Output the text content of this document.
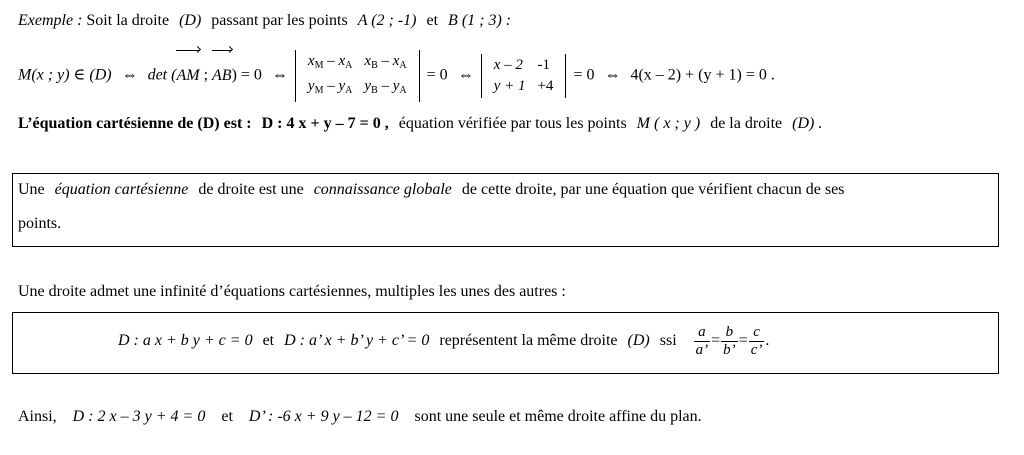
Exemple : Soit la droite (D) passant par les points A (2 ; -1) et B (1 ; 3) :
M(x ; y) ∈ (D) ⇔ det (AM ; AB) = 0 ⇔
$x_M - x_A$	$x_B - x_A$
$y_M - y_A$	$y_B - y_A$
= 0 ⇔
x – 2	-1
y + 1	+4
= 0 ⇔ 4(x – 2) + (y + 1) = 0 .
L’équation cartésienne de (D) est : D : 4 x + y – 7 = 0 , équation vérifiée par tous les points M ( x ; y ) de la droite (D) .
Une équation cartésienne de droite est une connaissance globale de cette droite, par une équation que vérifient chacun de ses
points.
Une droite admet une infinité d’équations cartésiennes, multiples les unes des autres :
D : a x + b y + c = 0 et D : a’ x + b’ y + c’ = 0 représentent la même droite (D) ssi $\frac{a}{a’} = \frac{b}{b’} = \frac{c}{c’}$ .
Ainsi, D : 2 x – 3 y + 4 = 0 et D’ : -6 x + 9 y – 12 = 0 sont une seule et même droite affine du plan.
